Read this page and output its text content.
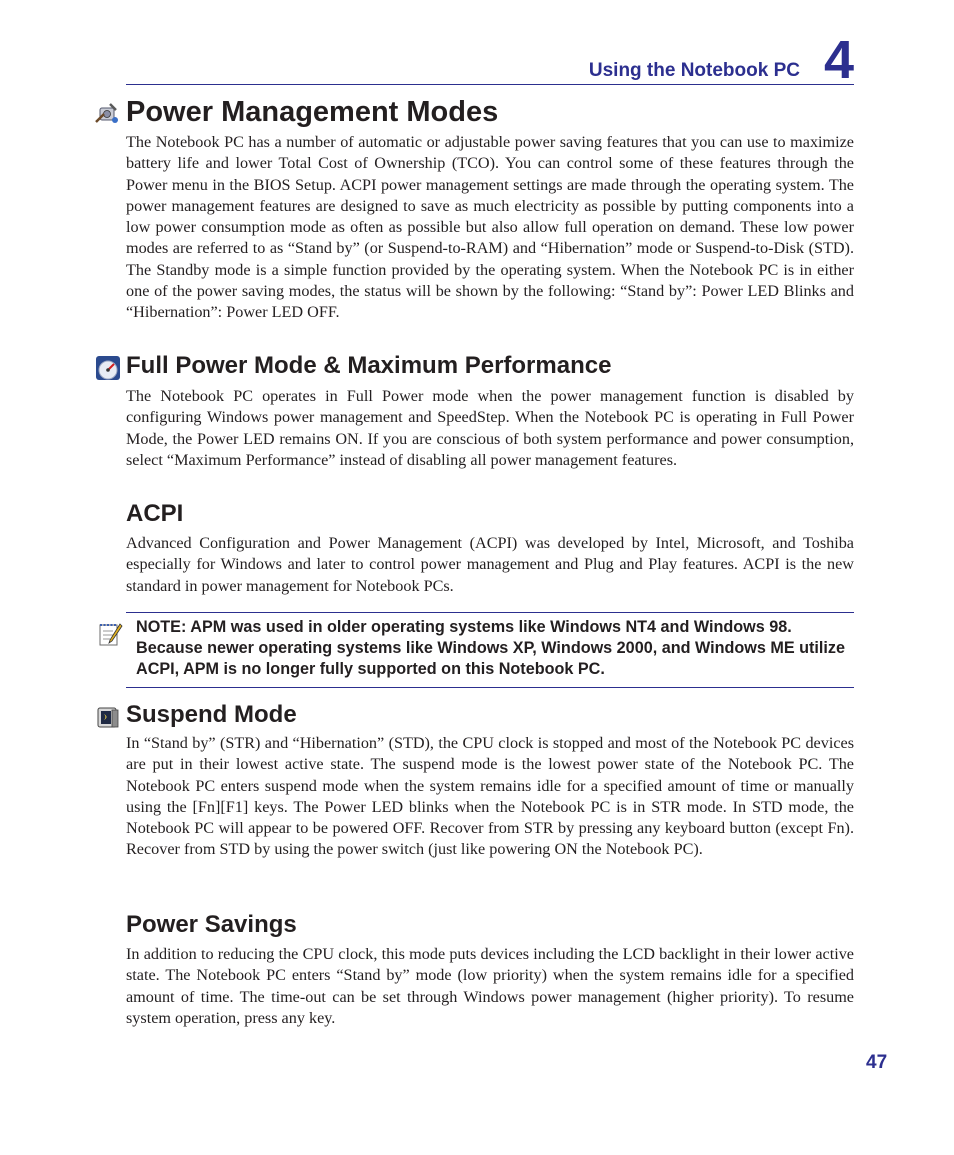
Using the Notebook PC 4
Power Management Modes

The Notebook PC has a number of automatic or adjustable power saving features that you can use to maximize battery life and lower Total Cost of Ownership (TCO). You can control some of these features through the Power menu in the BIOS Setup. ACPI power management settings are made through the operating system. The power management features are designed to save as much electricity as possible by putting components into a low power consumption mode as often as possible but also allow full operation on demand. These low power modes are referred to as “Stand by” (or Suspend-to-RAM) and “Hibernation” mode or Suspend-to-Disk (STD). The Standby mode is a simple function provided by the operating system. When the Notebook PC is in either one of the power saving modes, the status will be shown by the following: “Stand by”: Power LED Blinks and “Hibernation”: Power LED OFF.

Full Power Mode & Maximum Performance

The Notebook PC operates in Full Power mode when the power management function is disabled by configuring Windows power management and SpeedStep. When the Notebook PC is operating in Full Power Mode, the Power LED remains ON. If you are conscious of both system performance and power consumption, select “Maximum Performance” instead of disabling all power management features.

ACPI

Advanced Configuration and Power Management (ACPI) was developed by Intel, Microsoft, and Toshiba especially for Windows and later to control power management and Plug and Play features. ACPI is the new standard in power management for Notebook PCs.

NOTE: APM was used in older operating systems like Windows NT4 and Windows 98. Because newer operating systems like Windows XP, Windows 2000, and Windows ME utilize ACPI, APM is no longer fully supported on this Notebook PC.

Suspend Mode

In “Stand by” (STR) and “Hibernation” (STD), the CPU clock is stopped and most of the Notebook PC devices are put in their lowest active state. The suspend mode is the lowest power state of the Notebook PC. The Notebook PC enters suspend mode when the system remains idle for a specified amount of time or manually using the [Fn][F1] keys. The Power LED blinks when the Notebook PC is in STR mode. In STD mode, the Notebook PC will appear to be powered OFF. Recover from STR by pressing any keyboard button (except Fn). Recover from STD by using the power switch (just like powering ON the Notebook PC).

Power Savings

In addition to reducing the CPU clock, this mode puts devices including the LCD backlight in their lower active state. The Notebook PC enters “Stand by” mode (low priority) when the system remains idle for a specified amount of time. The time-out can be set through Windows power management (higher priority). To resume system operation, press any key.

47
